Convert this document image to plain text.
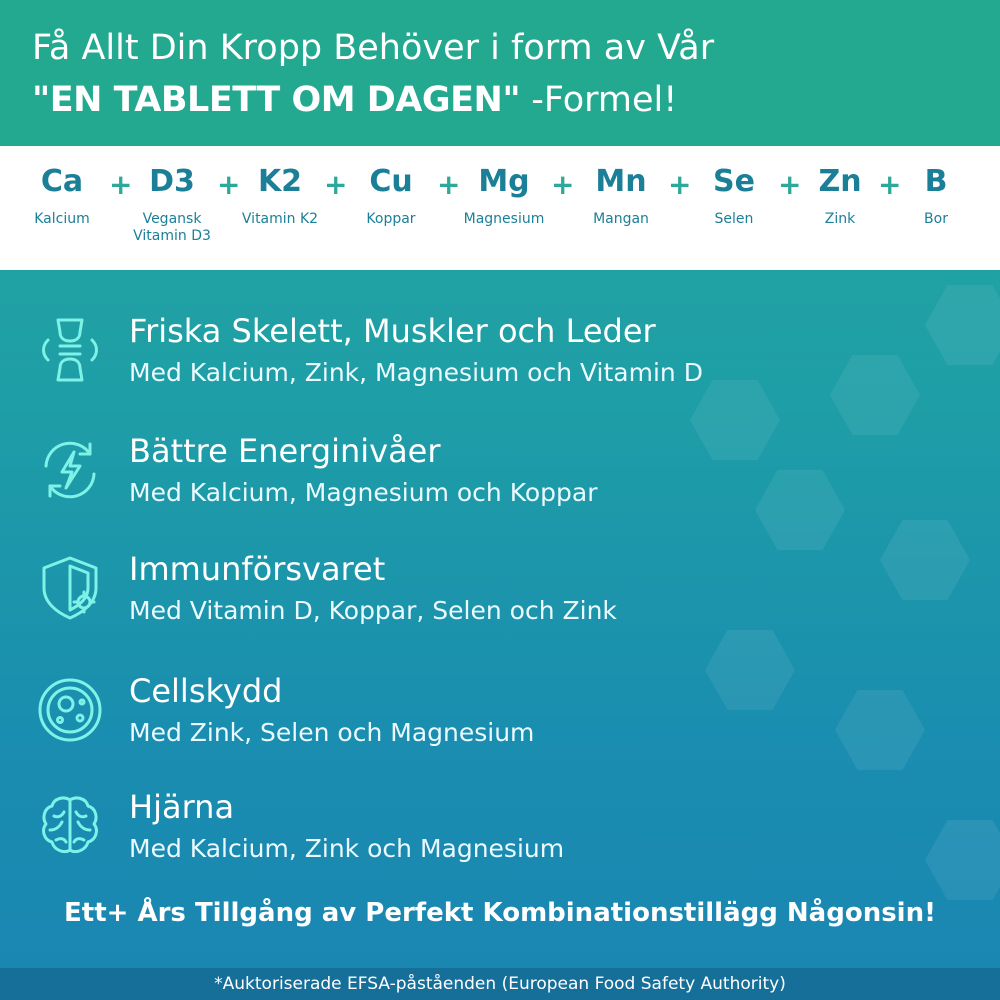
Få Allt Din Kropp Behöver i form av Vår
"EN TABLETT OM DAGEN" -Formel!
Ca
Kalcium
+ D3
Vegansk
Vitamin D3
+ K2
Vitamin K2
+ Cu
Koppar
+ Mg
Magnesium
+ Mn
Mangan
+ Se
Selen
+ Zn
Zink
+ B
Bor
Friska Skelett, Muskler och Leder
Med Kalcium, Zink, Magnesium och Vitamin D
Bättre Energinivåer
Med Kalcium, Magnesium och Koppar
Immunförsvaret
Med Vitamin D, Koppar, Selen och Zink
Cellskydd
Med Zink, Selen och Magnesium
Hjärna
Med Kalcium, Zink och Magnesium
Ett+ Års Tillgång av Perfekt Kombinationstillägg Någonsin!
*Auktoriserade EFSA-påståenden (European Food Safety Authority)
